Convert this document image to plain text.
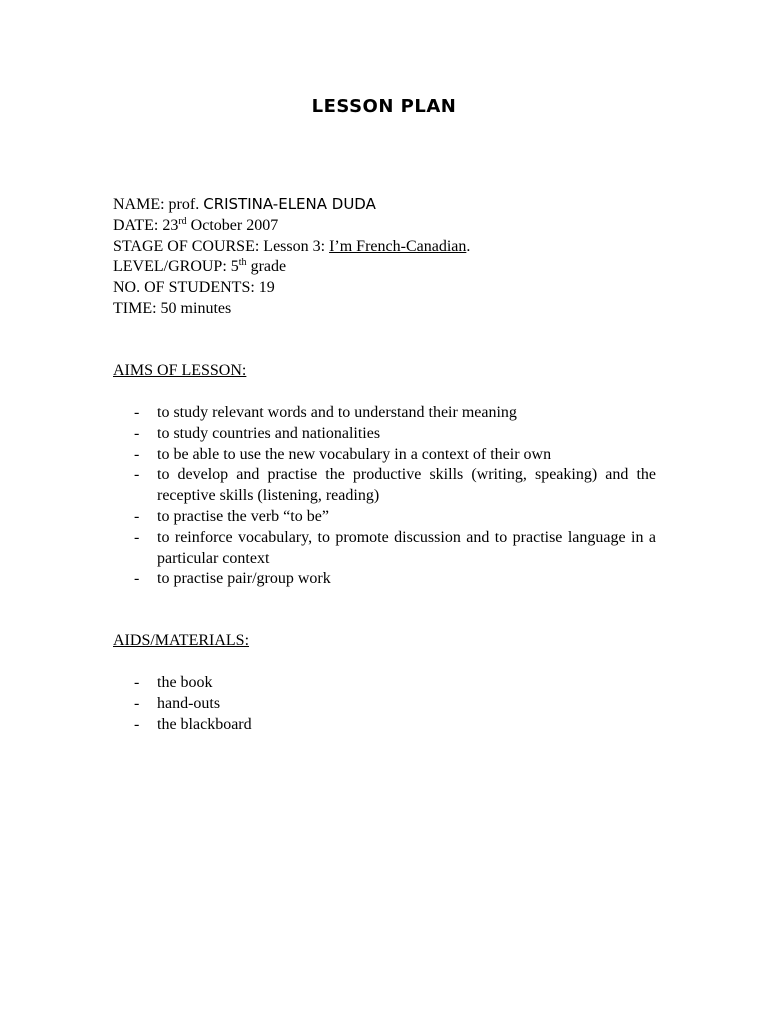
LESSON PLAN
NAME: prof. CRISTINA-ELENA DUDA
DATE: 23rd October 2007
STAGE OF COURSE: Lesson 3: I’m French-Canadian.
LEVEL/GROUP: 5th grade
NO. OF STUDENTS: 19
TIME: 50 minutes
AIMS OF LESSON:
- to study relevant words and to understand their meaning
- to study countries and nationalities
- to be able to use the new vocabulary in a context of their own
- to develop and practise the productive skills (writing, speaking) and the receptive skills (listening, reading)
- to practise the verb “to be”
- to reinforce vocabulary, to promote discussion and to practise language in a particular context
- to practise pair/group work
AIDS/MATERIALS:
- the book
- hand-outs
- the blackboard
